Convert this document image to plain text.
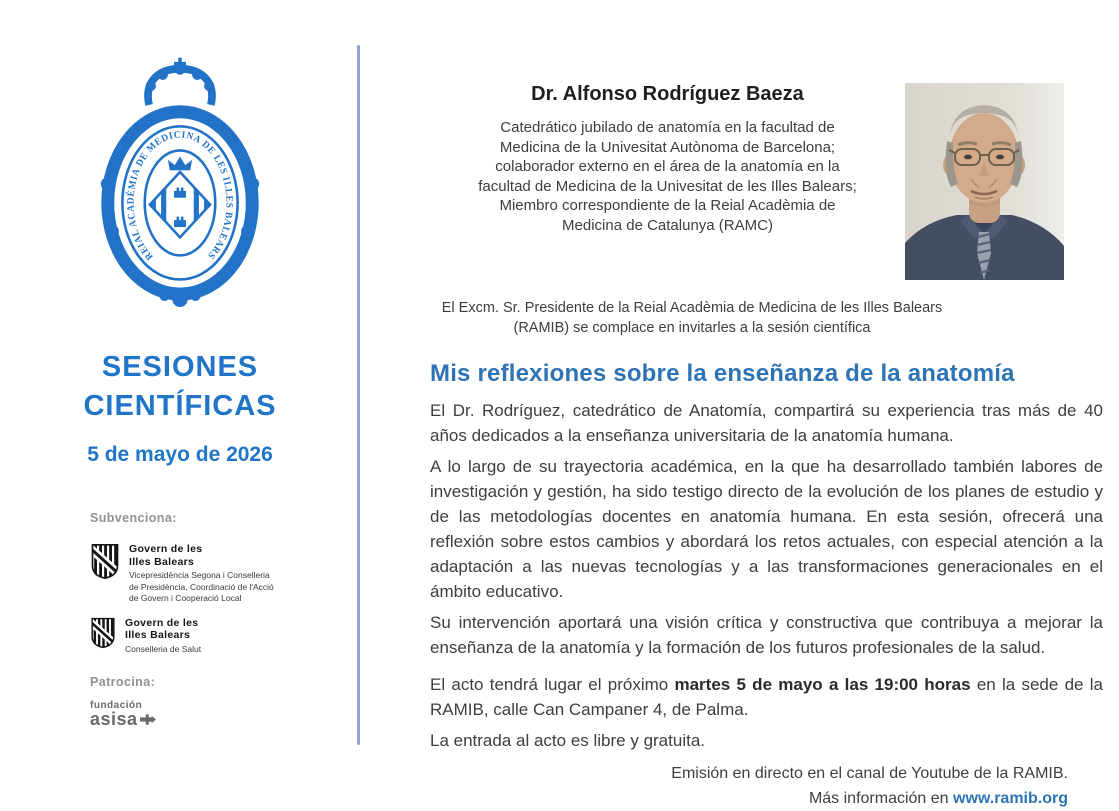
REIAL ACADÈMIA DE MEDICINA DE LES ILLES BALEARS
SESIONES
CIENTÍFICAS
5 de mayo de 2026
Subvenciona:
Govern de les
Illes Balears
Vicepresidència Segona i Conselleria
de Presidència, Coordinació de l'Acció
de Govern i Cooperació Local
Govern de les
Illes Balears
Conselleria de Salut
Patrocina:
fundación
asisa
Dr. Alfonso Rodríguez Baeza
Catedrático jubilado de anatomía en la facultad de
Medicina de la Univesitat Autònoma de Barcelona;
colaborador externo en el área de la anatomía en la
facultad de Medicina de la Univesitat de les Illes Balears;
Miembro correspondiente de la Reial Acadèmia de
Medicina de Catalunya (RAMC)
El Excm. Sr. Presidente de la Reial Acadèmia de Medicina de les Illes Balears
(RAMIB) se complace en invitarles a la sesión científica
Mis reflexiones sobre la enseñanza de la anatomía

El Dr. Rodríguez, catedrático de Anatomía, compartirá su experiencia tras más de 40 años dedicados a la enseñanza universitaria de la anatomía humana.

A lo largo de su trayectoria académica, en la que ha desarrollado también labores de investigación y gestión, ha sido testigo directo de la evolución de los planes de estudio y de las metodologías docentes en anatomía humana. En esta sesión, ofrecerá una reflexión sobre estos cambios y abordará los retos actuales, con especial atención a la adaptación a las nuevas tecnologías y a las transformaciones generacionales en el ámbito educativo.

Su intervención aportará una visión crítica y constructiva que contribuya a mejorar la enseñanza de la anatomía y la formación de los futuros profesionales de la salud.

El acto tendrá lugar el próximo martes 5 de mayo a las 19:00 horas en la sede de la RAMIB, calle Can Campaner 4, de Palma.

La entrada al acto es libre y gratuita.

Emisión en directo en el canal de Youtube de la RAMIB.
Más información en www.ramib.org
